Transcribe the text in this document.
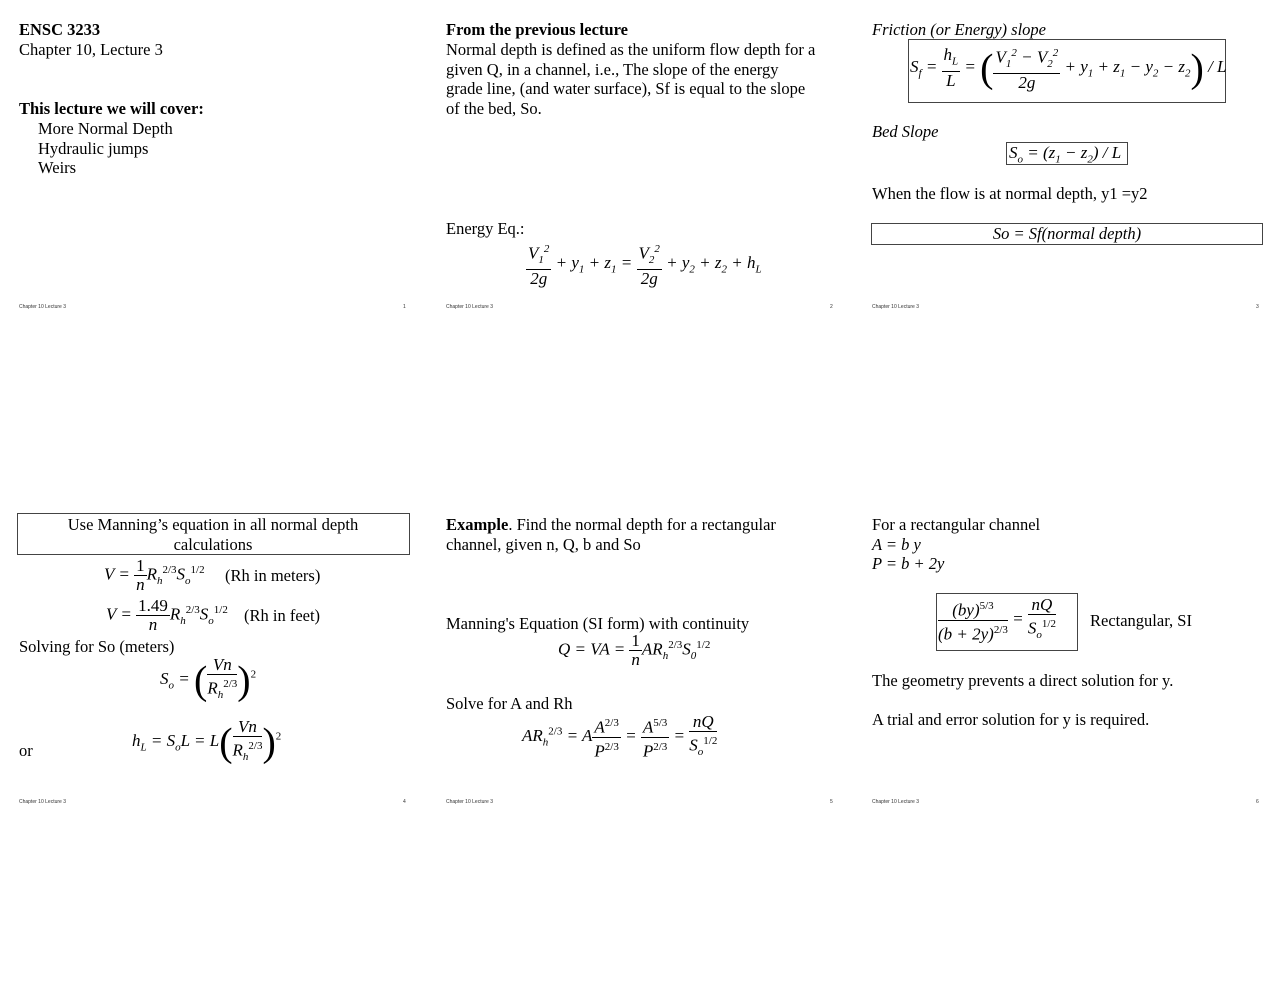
ENSC 3233
Chapter 10, Lecture 3
This lecture we will cover:
More Normal Depth
Hydraulic jumps
Weirs
Chapter 10 Lecture 3	1
From the previous lecture
Normal depth is defined as the uniform flow depth for a
given Q, in a channel, i.e., The slope of the energy
grade line, (and water surface), Sf is equal to the slope
of the bed, So.
Energy Eq.:
$\frac{V_1^2}{2g} + y_1 + z_1 = \frac{V_2^2}{2g} + y_2 + z_2 + h_L$
Chapter 10 Lecture 3	2
Friction (or Energy) slope
$S_f = \frac{h_L}{L}$ = ( $\frac{V_1^2 - V_2^2}{2g} + y_1 + z_1 - y_2 - z_2) / L$
Bed Slope
$S_o = (z_1 - z_2) / L$
When the flow is at normal depth, y1 =y2
So = Sf(normal depth)
Chapter 10 Lecture 3	3
Use Manning’s equation in all normal depth
calculations
$V = \frac{1}{n} R_h^{2/3}S_o^{1/2}$ (Rh in meters)
$V = \frac{1.49}{n} R_h^{2/3}S_o^{1/2}$ (Rh in feet)
Solving for So (meters)
$S_o$ = ( $\frac{Vn}{R_h^{2/3}} )^2$
or
$h_L = S_oL = L( \frac{Vn}{R_h^{2/3}} )^2$
Chapter 10 Lecture 3	4
Example. Find the normal depth for a rectangular
channel, given n, Q, b and So
Manning's Equation (SI form) with continuity
Q = VA = $\frac{1}{n} AR_h^{2/3}S_0^{1/2}$
Solve for A and Rh
$AR_h^{2/3} = A \frac{A^{2/3}}{P^{2/3}} = \frac{A^{5/3}}{P^{2/3}} = \frac{nQ}{S_o^{1/2}}$
Chapter 10 Lecture 3	5
For a rectangular channel
A = b y
P = b + 2y
$\frac{(by)^{5/3}}{(b + 2y)^{2/3}} = \frac{nQ}{S_o^{1/2}}$ Rectangular, SI
The geometry prevents a direct solution for y.
A trial and error solution for y is required.
Chapter 10 Lecture 3	6
